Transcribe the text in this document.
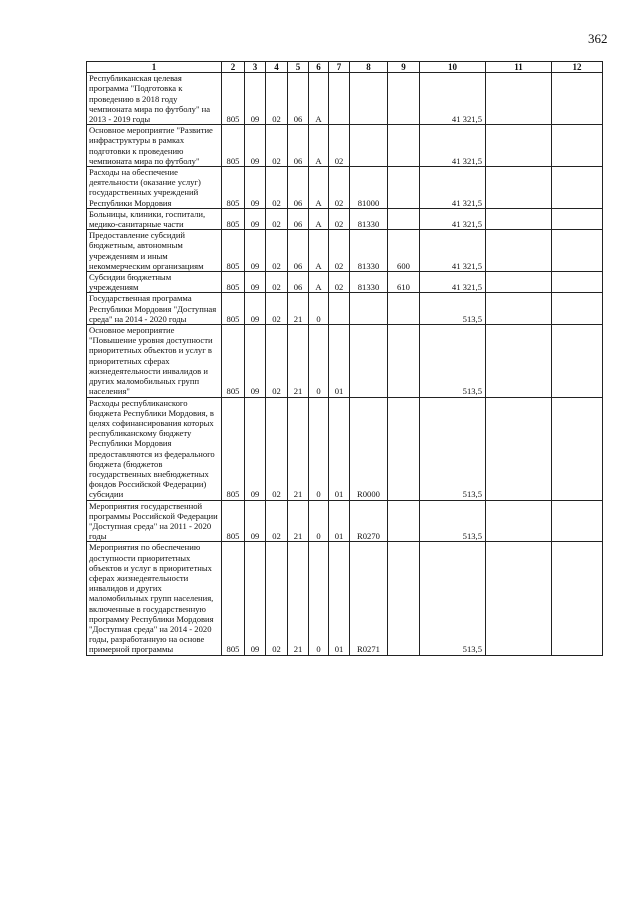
362
1	2	3	4	5	6	7	8	9	10	11	12
Республиканская целевая программа "Подготовка к проведению в 2018 году чемпионата мира по футболу" на 2013 - 2019 годы	805	09	02	06	А				41 321,5		
Основное мероприятие "Развитие инфраструктуры в рамках подготовки к проведению чемпионата мира по футболу"	805	09	02	06	А	02			41 321,5		
Расходы на обеспечение деятельности (оказание услуг) государственных учреждений Республики Мордовия	805	09	02	06	А	02	81000		41 321,5		
Больницы, клиники, госпитали, медико-санитарные части	805	09	02	06	А	02	81330		41 321,5		
Предоставление субсидий бюджетным, автономным учреждениям и иным некоммерческим организациям	805	09	02	06	А	02	81330	600	41 321,5		
Субсидии бюджетным учреждениям	805	09	02	06	А	02	81330	610	41 321,5		
Государственная программа Республики Мордовия "Доступная среда" на 2014 - 2020 годы	805	09	02	21	0				513,5		
Основное мероприятие "Повышение уровня доступности приоритетных объектов и услуг в приоритетных сферах жизнедеятельности инвалидов и других маломобильных групп населения"	805	09	02	21	0	01			513,5		
Расходы республиканского бюджета Республики Мордовия, в целях софинансирования которых республиканскому бюджету Республики Мордовия предоставляются из федерального бюджета (бюджетов государственных внебюджетных фондов Российской Федерации) субсидии	805	09	02	21	0	01	R0000		513,5		
Мероприятия государственной программы Российской Федерации "Доступная среда" на 2011 - 2020 годы	805	09	02	21	0	01	R0270		513,5		
Мероприятия по обеспечению доступности приоритетных объектов и услуг в приоритетных сферах жизнедеятельности инвалидов и других маломобильных групп населения, включенные в государственную программу Республики Мордовия "Доступная среда" на 2014 - 2020 годы, разработанную на основе примерной программы	805	09	02	21	0	01	R0271		513,5		
